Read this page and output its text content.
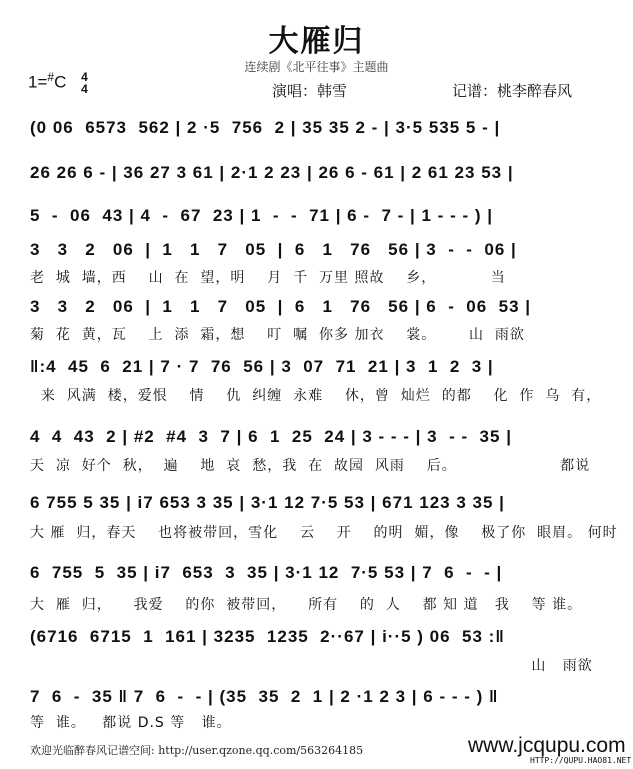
大雁归
连续剧《北平往事》主题曲
1=#C 4
4	演唱：韩雪	记谱：桃李醉春风
(0 06  6573  562 | 2 ·5  756  2 | 35 35 2 - | 3·5 535 5 - |
26 26 6 - | 36 27 3 61 | 2·1 2 23 | 26 6 - 61 | 2 61 23 53 |
5  -  06  43 | 4  -  67  23 | 1  -  -  71 | 6 -  7 - | 1 - - - ) |
3   3   2   06  |  1   1   7   05  |  6   1   76   56 | 3  -  -  06 |
老  城  墙，西    山  在  望，明    月  千  万里 照故    乡，          当
3   3   2   06  |  1   1   7   05  |  6   1   76   56 | 6  -  06  53 |
菊  花  黄，瓦    上  添  霜，想    叮  嘱  你多 加衣    裳。      山  雨欲
‖:4  45  6  21 | 7 · 7  76  56 | 3  07  71  21 | 3  1  2  3 |
来  风满  楼，爱恨    情    仇  纠缠  永难    休，曾  灿烂  的都    化  作  乌  有，
4  4  43  2 | #2  #4  3  7 | 6  1  25  24 | 3 - - - | 3  - -  35 |
天  凉  好个  秋，  遍    地  哀  愁，我  在  故园  风雨    后。                   都说
6 755 5 35 | i7 653 3 35 | 3·1 12 7·5 53 | 671 123 3 35 |
大 雁  归，春天    也将被带回，雪化    云    开    的明  媚，像    极了你  眼眉。 何时
6  755  5  35 | i7  653  3  35 | 3·1 12  7·5 53 | 7  6  -  - |
大  雁  归，    我爱    的你  被带回，    所有    的  人    都 知 道   我    等 谁。
(6716  6715  1  161 | 3235  1235  2··67 | i··5 ) 06  53 :‖
山   雨欲
7  6  -  35 ‖ 7  6  -  - | (35  35  2  1 | 2 ·1 2 3 | 6 - - - ) ‖
等  谁。   都说 D.S 等   谁。
欢迎光临醉春风记谱空间: http://user.qzone.qq.com/563264185	www.jcqupu.com
HTTP://QUPU.HAO81.NET
